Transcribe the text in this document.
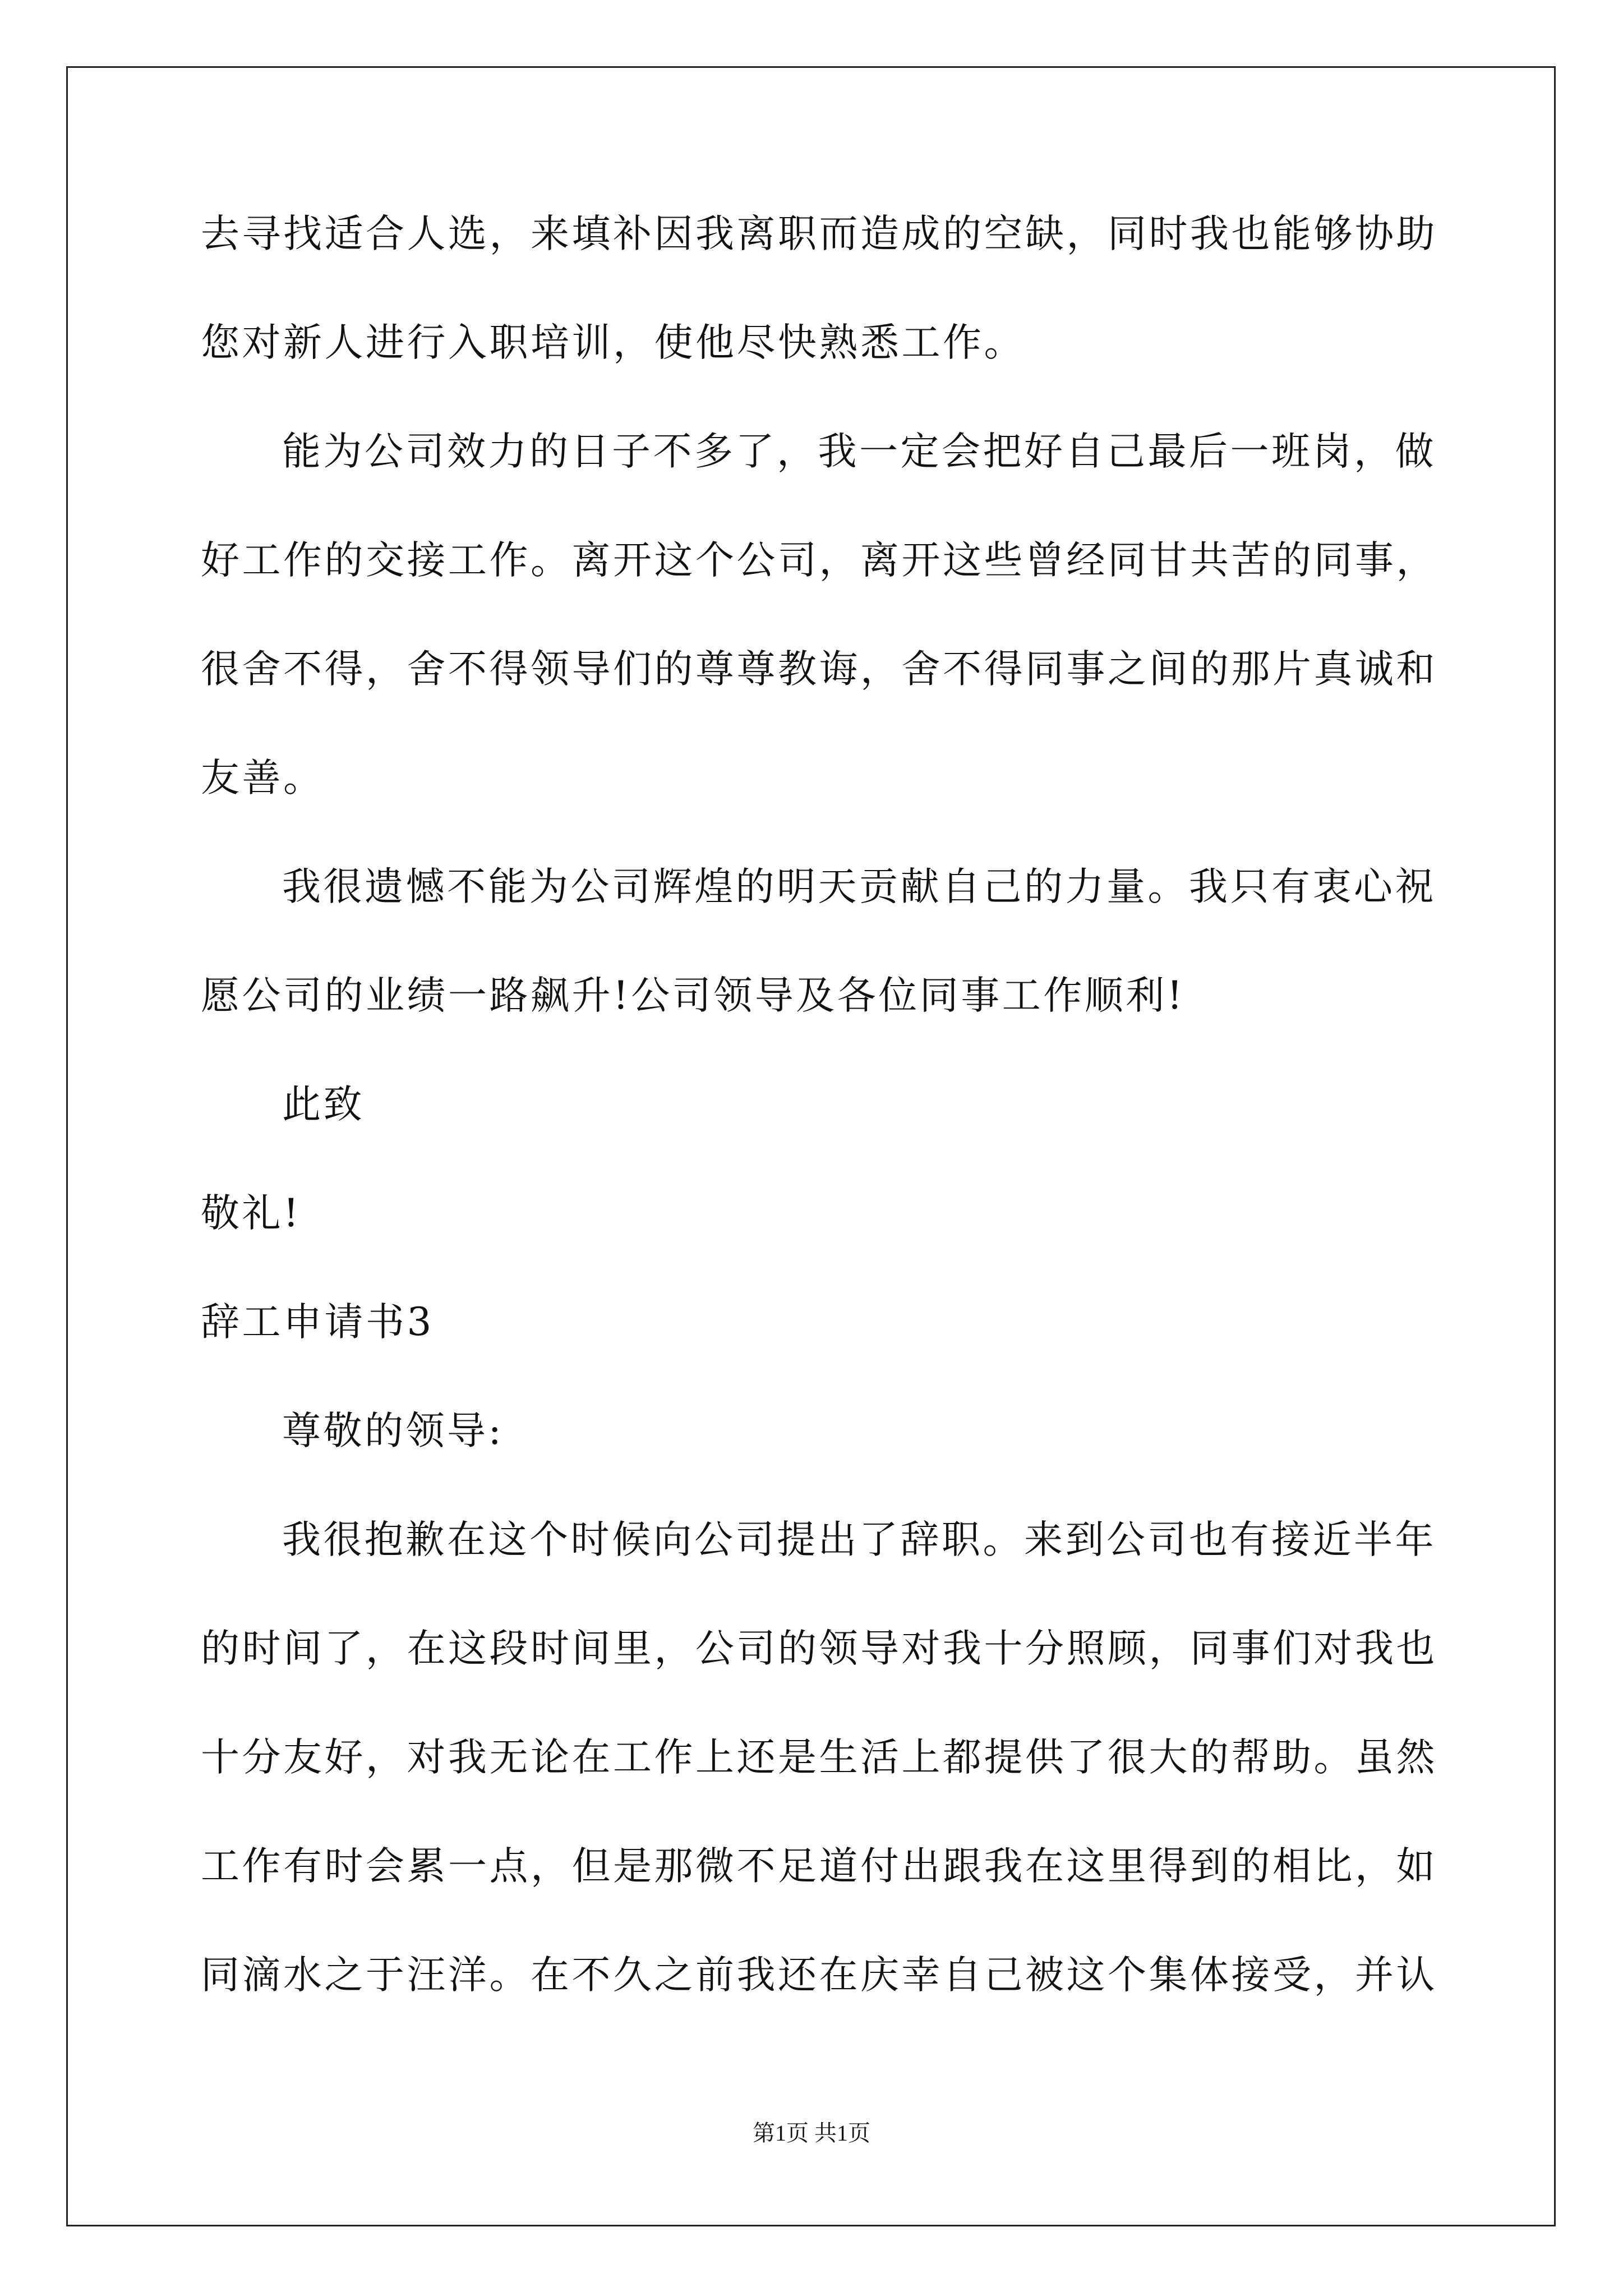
去寻找适合人选，来填补因我离职而造成的空缺，同时我也能够协助
您对新人进行入职培训，使他尽快熟悉工作。
能为公司效力的日子不多了，我一定会把好自己最后一班岗，做
好工作的交接工作。离开这个公司，离开这些曾经同甘共苦的同事，
很舍不得，舍不得领导们的尊尊教诲，舍不得同事之间的那片真诚和
友善。
我很遗憾不能为公司辉煌的明天贡献自己的力量。我只有衷心祝
愿公司的业绩一路飙升!公司领导及各位同事工作顺利!
此致
敬礼!
辞工申请书3
尊敬的领导:
我很抱歉在这个时候向公司提出了辞职。来到公司也有接近半年
的时间了，在这段时间里，公司的领导对我十分照顾，同事们对我也
十分友好，对我无论在工作上还是生活上都提供了很大的帮助。虽然
工作有时会累一点，但是那微不足道付出跟我在这里得到的相比，如
同滴水之于汪洋。在不久之前我还在庆幸自己被这个集体接受，并认
第1页 共1页
